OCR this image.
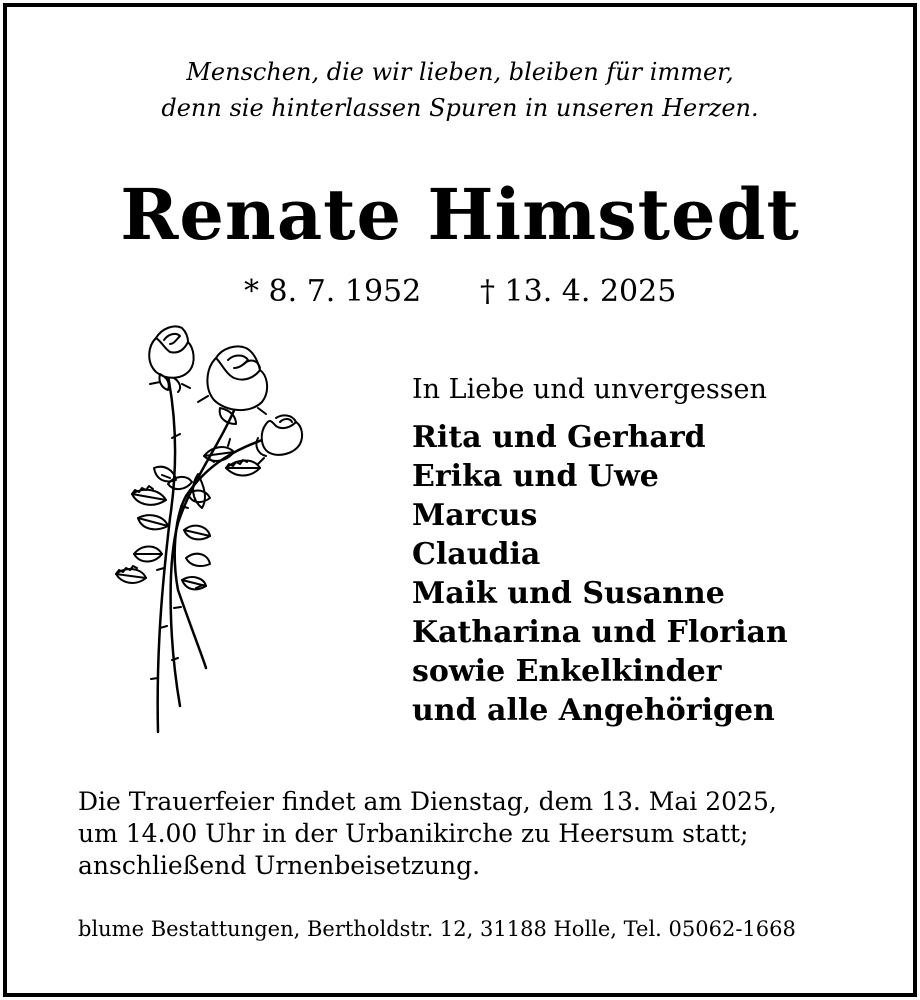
Menschen, die wir lieben, bleiben für immer,
denn sie hinterlassen Spuren in unseren Herzen.
Renate Himstedt
* 8. 7. 1952 † 13. 4. 2025
In Liebe und unvergessen
Rita und Gerhard
Erika und Uwe
Marcus
Claudia
Maik und Susanne
Katharina und Florian
sowie Enkelkinder
und alle Angehörigen
Die Trauerfeier findet am Dienstag, dem 13. Mai 2025,
um 14.00 Uhr in der Urbanikirche zu Heersum statt;
anschließend Urnenbeisetzung.
blume Bestattungen, Bertholdstr. 12, 31188 Holle, Tel. 05062-1668
